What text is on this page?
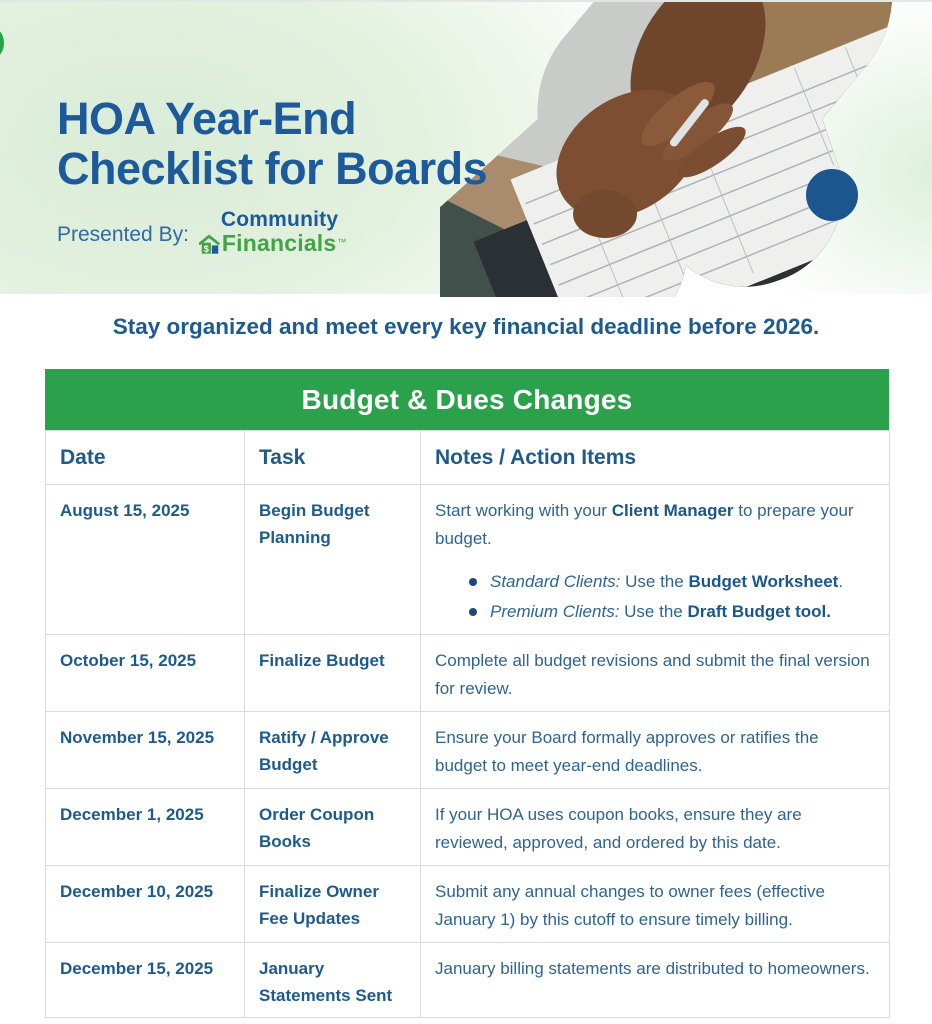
HOA Year-End
Checklist for Boards
Presented By:
Community
$ Financials ™
Stay organized and meet every key financial deadline before 2026.
Budget & Dues Changes
Date	Task	Notes / Action Items
August 15, 2025	Begin Budget Planning	Start working with your Client Manager to prepare your budget.
Standard Clients: Use the Budget Worksheet.
Premium Clients: Use the Draft Budget tool.

October 15, 2025	Finalize Budget	Complete all budget revisions and submit the final version for review.

November 15, 2025	Ratify / Approve Budget	Ensure your Board formally approves or ratifies the budget to meet year-end deadlines.

December 1, 2025	Order Coupon Books	If your HOA uses coupon books, ensure they are reviewed, approved, and ordered by this date.

December 10, 2025	Finalize Owner Fee Updates	Submit any annual changes to owner fees (effective January 1) by this cutoff to ensure timely billing.

December 15, 2025	January Statements Sent	January billing statements are distributed to homeowners.
